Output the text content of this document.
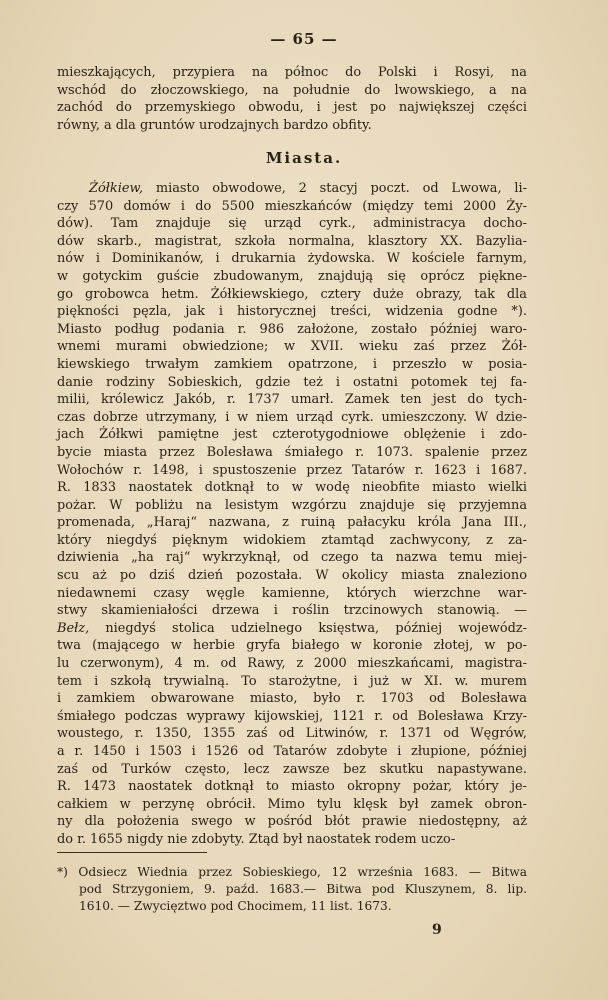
— 65 —
mieszkających, przypiera na północ do Polski i Rosyi, na
wschód do złoczowskiego, na południe do lwowskiego, a na
zachód do przemyskiego obwodu, i jest po największej części
równy, a dla gruntów urodzajnych bardzo obfity.
Miasta.
Żółkiew, miasto obwodowe, 2 stacyj poczt. od Lwowa, li-
czy 570 domów i do 5500 mieszkańców (między temi 2000 Ży-
dów). Tam znajduje się urząd cyrk., administracya docho-
dów skarb., magistrat, szkoła normalna, klasztory XX. Bazylia-
nów i Dominikanów, i drukarnia żydowska. W kościele farnym,
w gotyckim guście zbudowanym, znajdują się oprócz piękne-
go grobowca hetm. Żółkiewskiego, cztery duże obrazy, tak dla
piękności pęzla, jak i historycznej treści, widzenia godne *).
Miasto podług podania r. 986 założone, zostało później waro-
wnemi murami obwiedzione; w XVII. wieku zaś przez Żół-
kiewskiego trwałym zamkiem opatrzone, i przeszło w posia-
danie rodziny Sobieskich, gdzie też i ostatni potomek tej fa-
milii, królewicz Jakób, r. 1737 umarł. Zamek ten jest do tych-
czas dobrze utrzymany, i w niem urząd cyrk. umieszczony. W dzie-
jach Żółkwi pamiętne jest czterotygodniowe oblężenie i zdo-
bycie miasta przez Bolesława śmiałego r. 1073. spalenie przez
Wołochów r. 1498, i spustoszenie przez Tatarów r. 1623 i 1687.
R. 1833 naostatek dotknął to w wodę nieobfite miasto wielki
pożar. W pobliżu na lesistym wzgórzu znajduje się przyjemna
promenada, „Haraj“ nazwana, z ruiną pałacyku króla Jana III.,
który niegdyś pięknym widokiem ztamtąd zachwycony, z za-
dziwienia „ha raj“ wykrzyknął, od czego ta nazwa temu miej-
scu aż po dziś dzień pozostała. W okolicy miasta znaleziono
niedawnemi czasy węgle kamienne, których wierzchne war-
stwy skamieniałości drzewa i roślin trzcinowych stanowią. —
Bełz, niegdyś stolica udzielnego księstwa, później wojewódz-
twa (mającego w herbie gryfa białego w koronie złotej, w po-
lu czerwonym), 4 m. od Rawy, z 2000 mieszkańcami, magistra-
tem i szkołą trywialną. To starożytne, i już w XI. w. murem
i zamkiem obwarowane miasto, było r. 1703 od Bolesława
śmiałego podczas wyprawy kijowskiej, 1121 r. od Bolesława Krzy-
woustego, r. 1350, 1355 zaś od Litwinów, r. 1371 od Węgrów,
a r. 1450 i 1503 i 1526 od Tatarów zdobyte i złupione, później
zaś od Turków często, lecz zawsze bez skutku napastywane.
R. 1473 naostatek dotknął to miasto okropny pożar, który je-
całkiem w perzynę obrócił. Mimo tylu klęsk był zamek obron-
ny dla położenia swego w pośród błót prawie niedostępny, aż
do r. 1655 nigdy nie zdobyty. Ztąd był naostatek rodem uczo-
*) Odsiecz Wiednia przez Sobieskiego, 12 września 1683. — Bitwa
pod Strzygoniem, 9. paźd. 1683.— Bitwa pod Kluszynem, 8. lip.
1610. — Zwycięztwo pod Chocimem, 11 list. 1673.
9
